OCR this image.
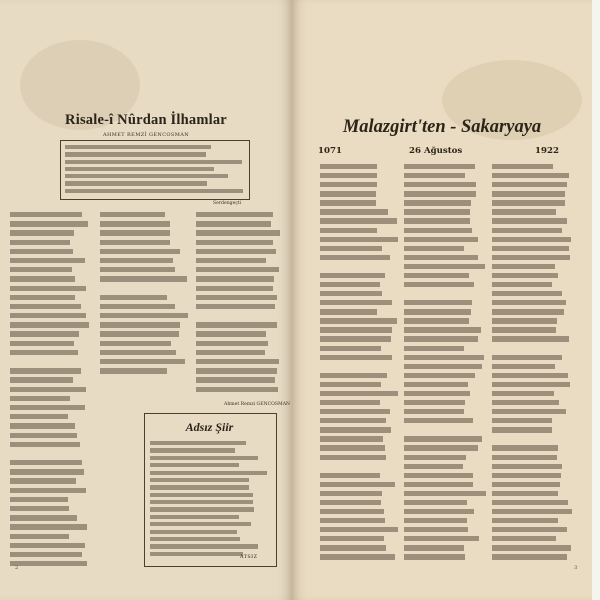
Risale-î Nûrdan İlhamlar
AHMET REMZİ GENCOSMAN
Serdengeçti
Ahmet Remzi GENCOSMAN
Adsız Şiir
ATSIZ
2
Malazgirt'ten - Sakaryaya
1071	26 Ağustos	1922
3
